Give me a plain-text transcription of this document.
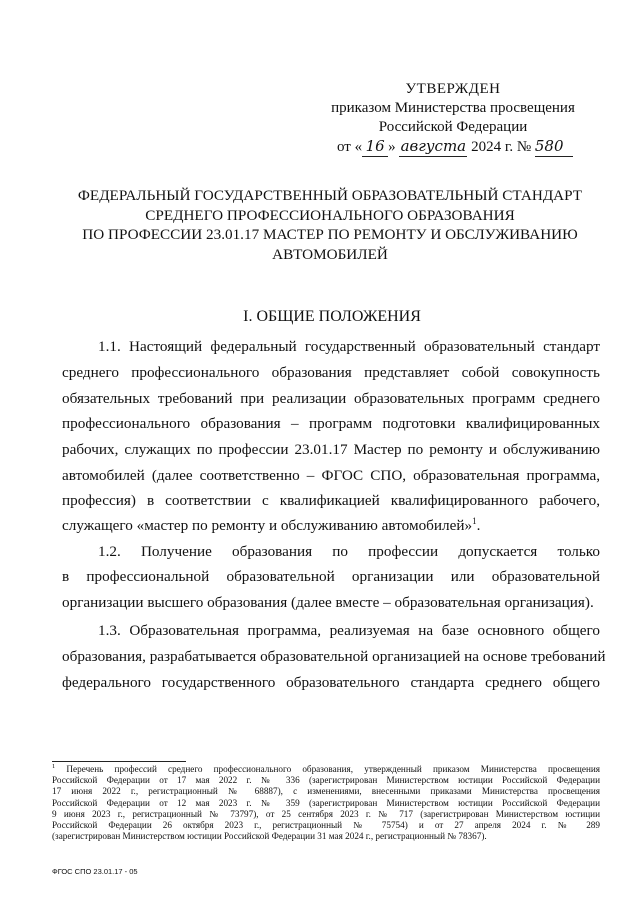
УТВЕРЖДЕН
приказом Министерства просвещения
Российской Федерации
от « 16 » августа 2024 г. № 580
ФЕДЕРАЛЬНЫЙ ГОСУДАРСТВЕННЫЙ ОБРАЗОВАТЕЛЬНЫЙ СТАНДАРТ
СРЕДНЕГО ПРОФЕССИОНАЛЬНОГО ОБРАЗОВАНИЯ
ПО ПРОФЕССИИ 23.01.17 МАСТЕР ПО РЕМОНТУ И ОБСЛУЖИВАНИЮ
АВТОМОБИЛЕЙ
I. ОБЩИЕ ПОЛОЖЕНИЯ
1.1. Настоящий федеральный государственный образовательный стандарт
среднего профессионального образования представляет собой совокупность
обязательных требований при реализации образовательных программ среднего
профессионального образования – программ подготовки квалифицированных
рабочих, служащих по профессии 23.01.17 Мастер по ремонту и обслуживанию
автомобилей (далее соответственно – ФГОС СПО, образовательная программа,
профессия) в соответствии с квалификацией квалифицированного рабочего,
служащего «мастер по ремонту и обслуживанию автомобилей»$^1$.
1.2. Получение образования по профессии допускается только
в профессиональной образовательной организации или образовательной
организации высшего образования (далее вместе – образовательная организация).
1.3. Образовательная программа, реализуемая на базе основного общего
образования, разрабатывается образовательной организацией на основе требований
федерального государственного образовательного стандарта среднего общего
$^1$ Перечень профессий среднего профессионального образования, утвержденный приказом Министерства просвещения
Российской Федерации от 17 мая 2022 г. № 336 (зарегистрирован Министерством юстиции Российской Федерации
17 июня 2022 г., регистрационный № 68887), с изменениями, внесенными приказами Министерства просвещения
Российской Федерации от 12 мая 2023 г. № 359 (зарегистрирован Министерством юстиции Российской Федерации
9 июня 2023 г., регистрационный № 73797), от 25 сентября 2023 г. № 717 (зарегистрирован Министерством юстиции
Российской Федерации 26 октября 2023 г., регистрационный № 75754) и от 27 апреля 2024 г. № 289
(зарегистрирован Министерством юстиции Российской Федерации 31 мая 2024 г., регистрационный № 78367).
ФГОС СПО 23.01.17 - 05
